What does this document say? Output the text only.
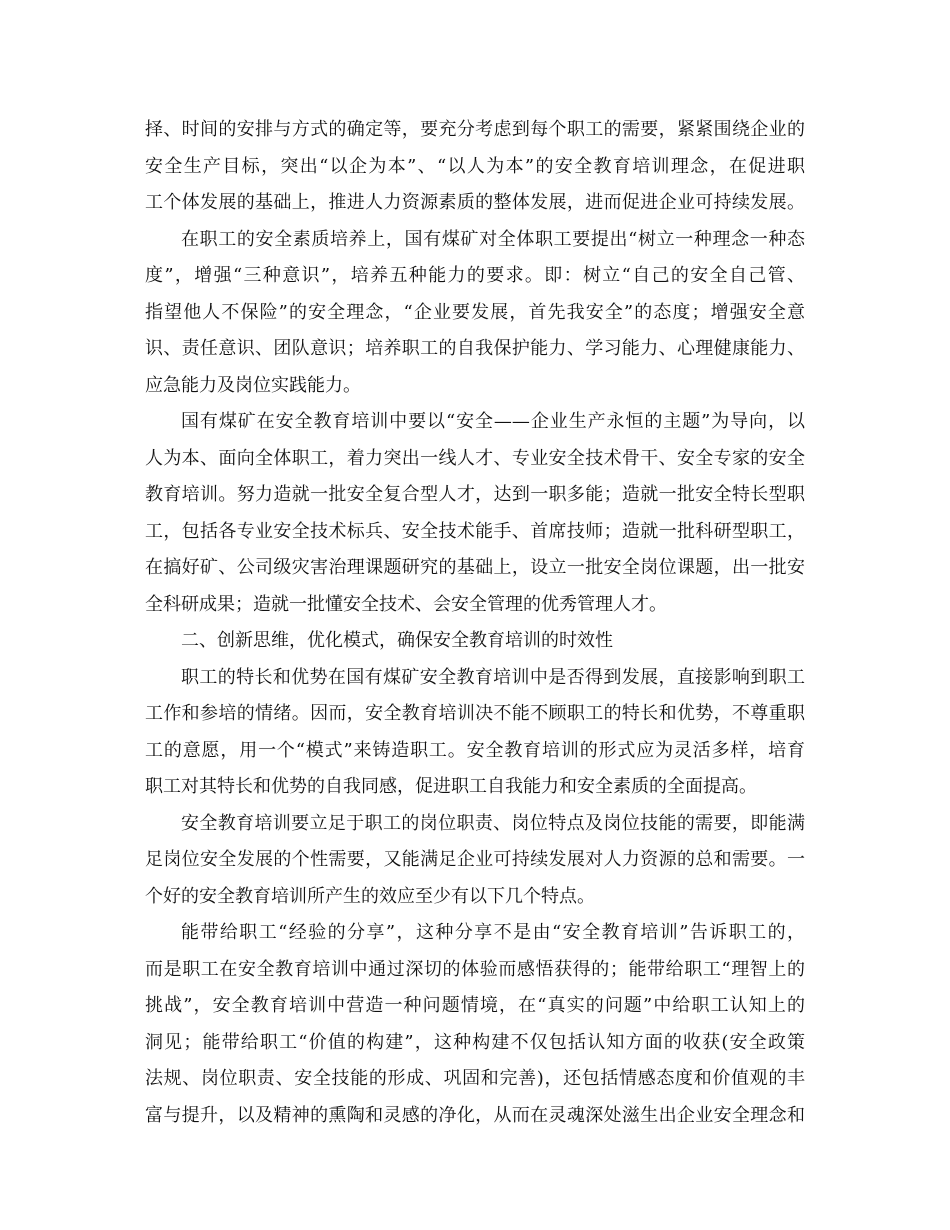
择、时间的安排与方式的确定等，要充分考虑到每个职工的需要，紧紧围绕企业的
安全生产目标，突出“以企为本”、“以人为本”的安全教育培训理念，在促进职
工个体发展的基础上，推进人力资源素质的整体发展，进而促进企业可持续发展。
在职工的安全素质培养上，国有煤矿对全体职工要提出“树立一种理念一种态
度”，增强“三种意识”，培养五种能力的要求。即：树立“自己的安全自己管、
指望他人不保险”的安全理念，“企业要发展，首先我安全”的态度；增强安全意
识、责任意识、团队意识；培养职工的自我保护能力、学习能力、心理健康能力、
应急能力及岗位实践能力。
国有煤矿在安全教育培训中要以“安全——企业生产永恒的主题”为导向，以
人为本、面向全体职工，着力突出一线人才、专业安全技术骨干、安全专家的安全
教育培训。努力造就一批安全复合型人才，达到一职多能；造就一批安全特长型职
工，包括各专业安全技术标兵、安全技术能手、首席技师；造就一批科研型职工，
在搞好矿、公司级灾害治理课题研究的基础上，设立一批安全岗位课题，出一批安
全科研成果；造就一批懂安全技术、会安全管理的优秀管理人才。
二、创新思维，优化模式，确保安全教育培训的时效性
职工的特长和优势在国有煤矿安全教育培训中是否得到发展，直接影响到职工
工作和参培的情绪。因而，安全教育培训决不能不顾职工的特长和优势，不尊重职
工的意愿，用一个“模式”来铸造职工。安全教育培训的形式应为灵活多样，培育
职工对其特长和优势的自我同感，促进职工自我能力和安全素质的全面提高。
安全教育培训要立足于职工的岗位职责、岗位特点及岗位技能的需要，即能满
足岗位安全发展的个性需要，又能满足企业可持续发展对人力资源的总和需要。一
个好的安全教育培训所产生的效应至少有以下几个特点。
能带给职工“经验的分享”，这种分享不是由“安全教育培训”告诉职工的，
而是职工在安全教育培训中通过深切的体验而感悟获得的；能带给职工“理智上的
挑战”，安全教育培训中营造一种问题情境，在“真实的问题”中给职工认知上的
洞见；能带给职工“价值的构建”，这种构建不仅包括认知方面的收获(安全政策
法规、岗位职责、安全技能的形成、巩固和完善)，还包括情感态度和价值观的丰
富与提升，以及精神的熏陶和灵感的净化，从而在灵魂深处滋生出企业安全理念和
